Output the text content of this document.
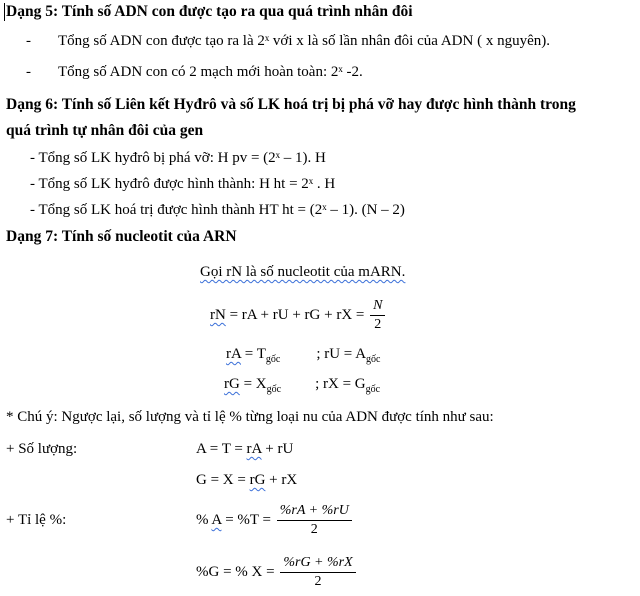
Dạng 5: Tính số ADN con được tạo ra qua quá trình nhân đôi
- Tổng số ADN con được tạo ra là 2ˣ với x là số lần nhân đôi của ADN ( x nguyên).
- Tổng số ADN con có 2 mạch mới hoàn toàn: 2ˣ -2.
Dạng 6: Tính số Liên kết Hyđrô và số LK hoá trị bị phá vỡ hay được hình thành trong
quá trình tự nhân đôi của gen
- Tổng số LK hyđrô bị phá vỡ: H pv = (2ˣ – 1). H
- Tổng số LK hyđrô được hình thành: H ht = 2ˣ . H
- Tổng số LK hoá trị được hình thành HT ht = (2ˣ – 1). (N – 2)
Dạng 7: Tính số nucleotit của ARN
Gọi rN là số nucleotit của mARN.
rN = rA + rU + rG + rX = $\frac{N}{2}$
rA = $T_{gốc}$ ; rU = $A_{gốc}$
rG = $X_{gốc}$ ; rX = $G_{gốc}$
* Chú ý: Ngược lại, số lượng và tỉ lệ % từng loại nu của ADN được tính như sau:
+ Số lượng:	A = T = rA + rU
G = X = rG + rX
+ Tỉ lệ %:	% $A = \%T = \frac{\%rA + \%rU}{2}$
%G = % $X = \frac{\%rG + \%rX}{2}$
